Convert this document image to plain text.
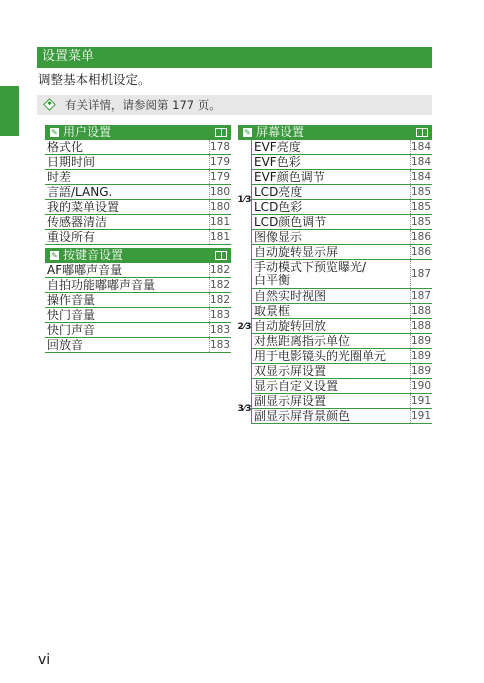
设置菜单
调整基本相机设定。
有关详情，请参阅第 177 页。
✎ 用户设置
格式化	178
日期时间	179
时差	179
言語/LANG.	180
我的菜单设置	180
传感器清洁	181
重设所有	181
✎ 按键音设置
AF嘟嘟声音量	182
自拍功能嘟嘟声音量	182
操作音量	182
快门音量	183
快门声音	183
回放音	183
✎ 屏幕设置
1⁄3
EVF亮度	184
EVF色彩	184
EVF颜色调节	184
LCD亮度	185
LCD色彩	185
LCD颜色调节	185
图像显示	186
自动旋转显示屏	186
2⁄3
手动模式下预览曝光/
白平衡	187
自然实时视图	187
取景框	188
自动旋转回放	188
对焦距离指示单位	189
用于电影镜头的光圈单元	189
双显示屏设置	189
显示自定义设置	190
3⁄3
副显示屏设置	191
副显示屏背景颜色	191
vi
